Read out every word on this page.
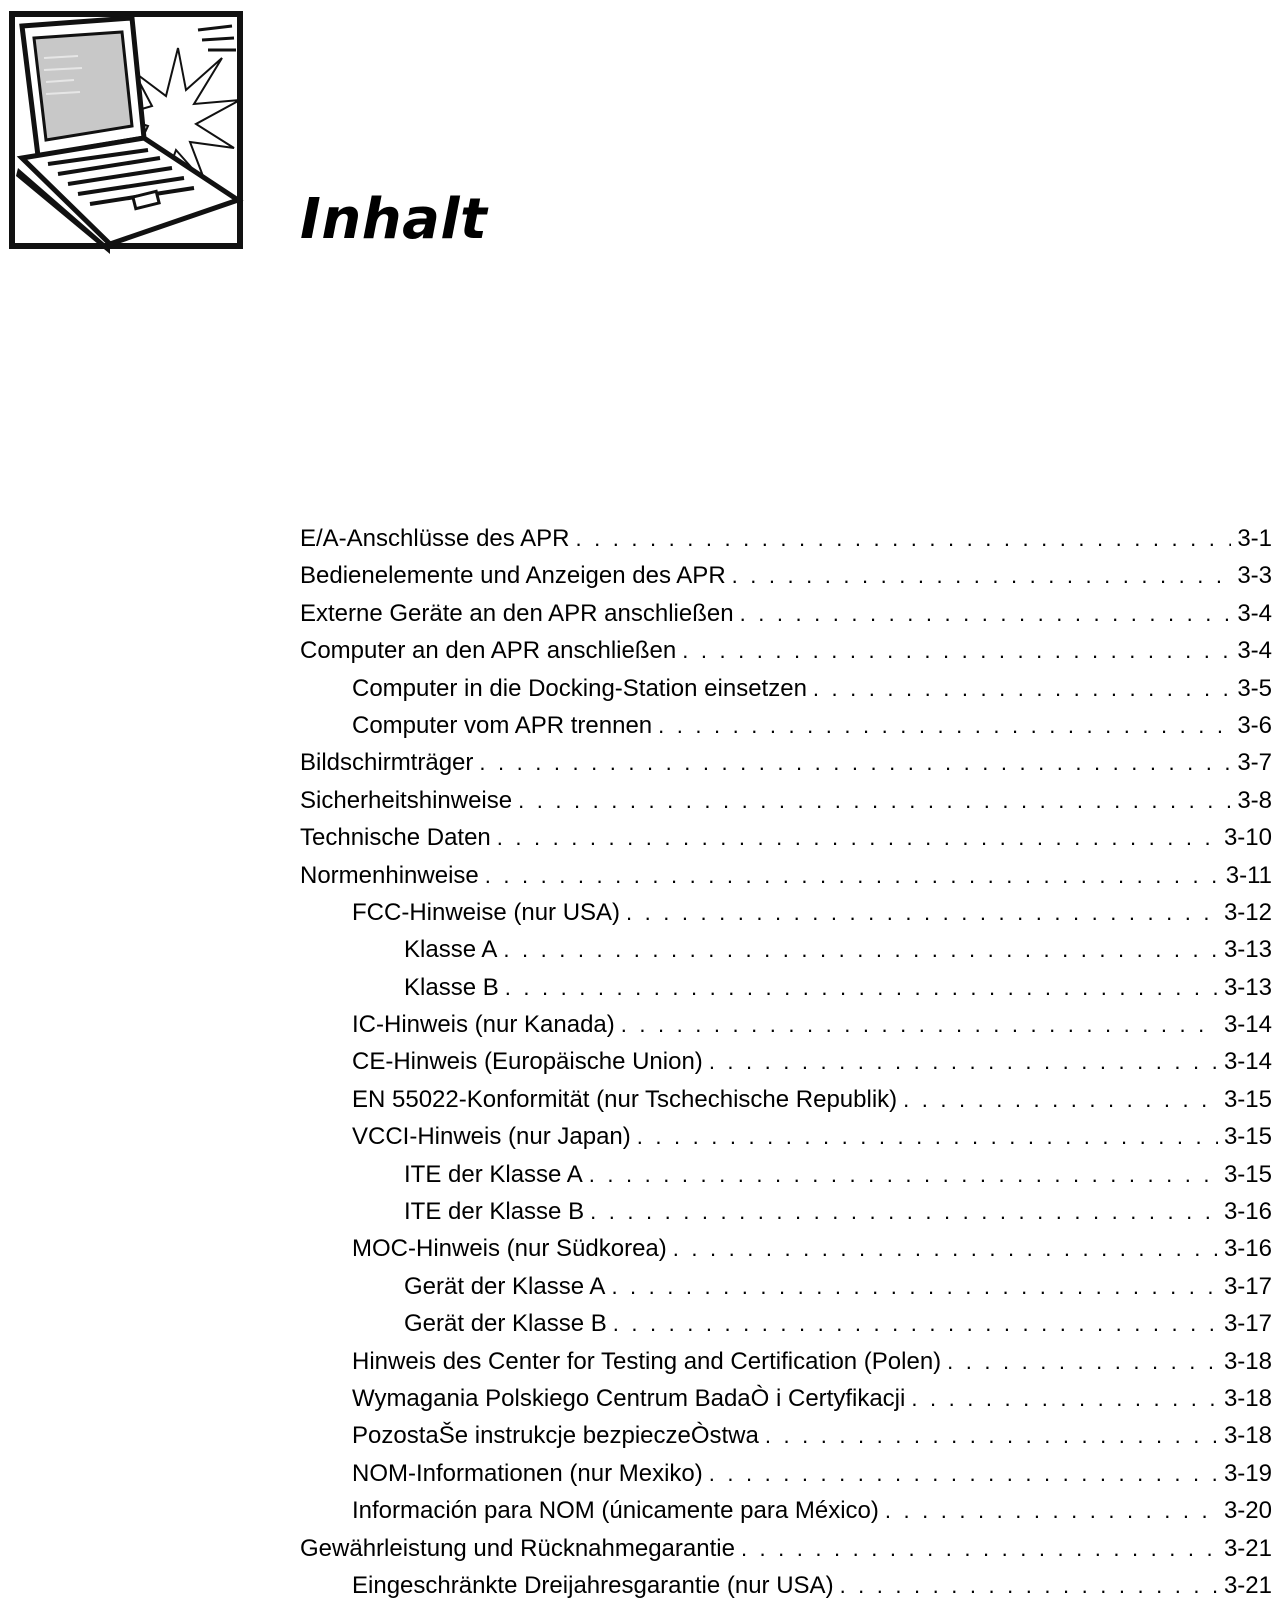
Inhalt
E/A-Anschlüsse des APR . . .	3-1
Bedienelemente und Anzeigen des APR . . .	3-3
Externe Geräte an den APR anschließen . . .	3-4
Computer an den APR anschließen . . .	3-4
Computer in die Docking-Station einsetzen . . .	3-5
Computer vom APR trennen . . .	3-6
Bildschirmträger . . .	3-7
Sicherheitshinweise . . .	3-8
Technische Daten . . .	3-10
Normenhinweise . . .	3-11
FCC-Hinweise (nur USA) . . .	3-12
Klasse A . . .	3-13
Klasse B . . .	3-13
IC-Hinweis (nur Kanada) . . .	3-14
CE-Hinweis (Europäische Union) . . .	3-14
EN 55022-Konformität (nur Tschechische Republik) . . .	3-15
VCCI-Hinweis (nur Japan) . . .	3-15
ITE der Klasse A . . .	3-15
ITE der Klasse B . . .	3-16
MOC-Hinweis (nur Südkorea) . . .	3-16
Gerät der Klasse A . . .	3-17
Gerät der Klasse B . . .	3-17
Hinweis des Center for Testing and Certification (Polen) . . .	3-18
Wymagania Polskiego Centrum BadaÒ i Certyfikacji . . .	3-18
PozostaŠe instrukcje bezpieczeÒstwa . . .	3-18
NOM-Informationen (nur Mexiko) . . .	3-19
Información para NOM (únicamente para México) . . .	3-20
Gewährleistung und Rücknahmegarantie . . .	3-21
Eingeschränkte Dreijahresgarantie (nur USA) . . .	3-21
